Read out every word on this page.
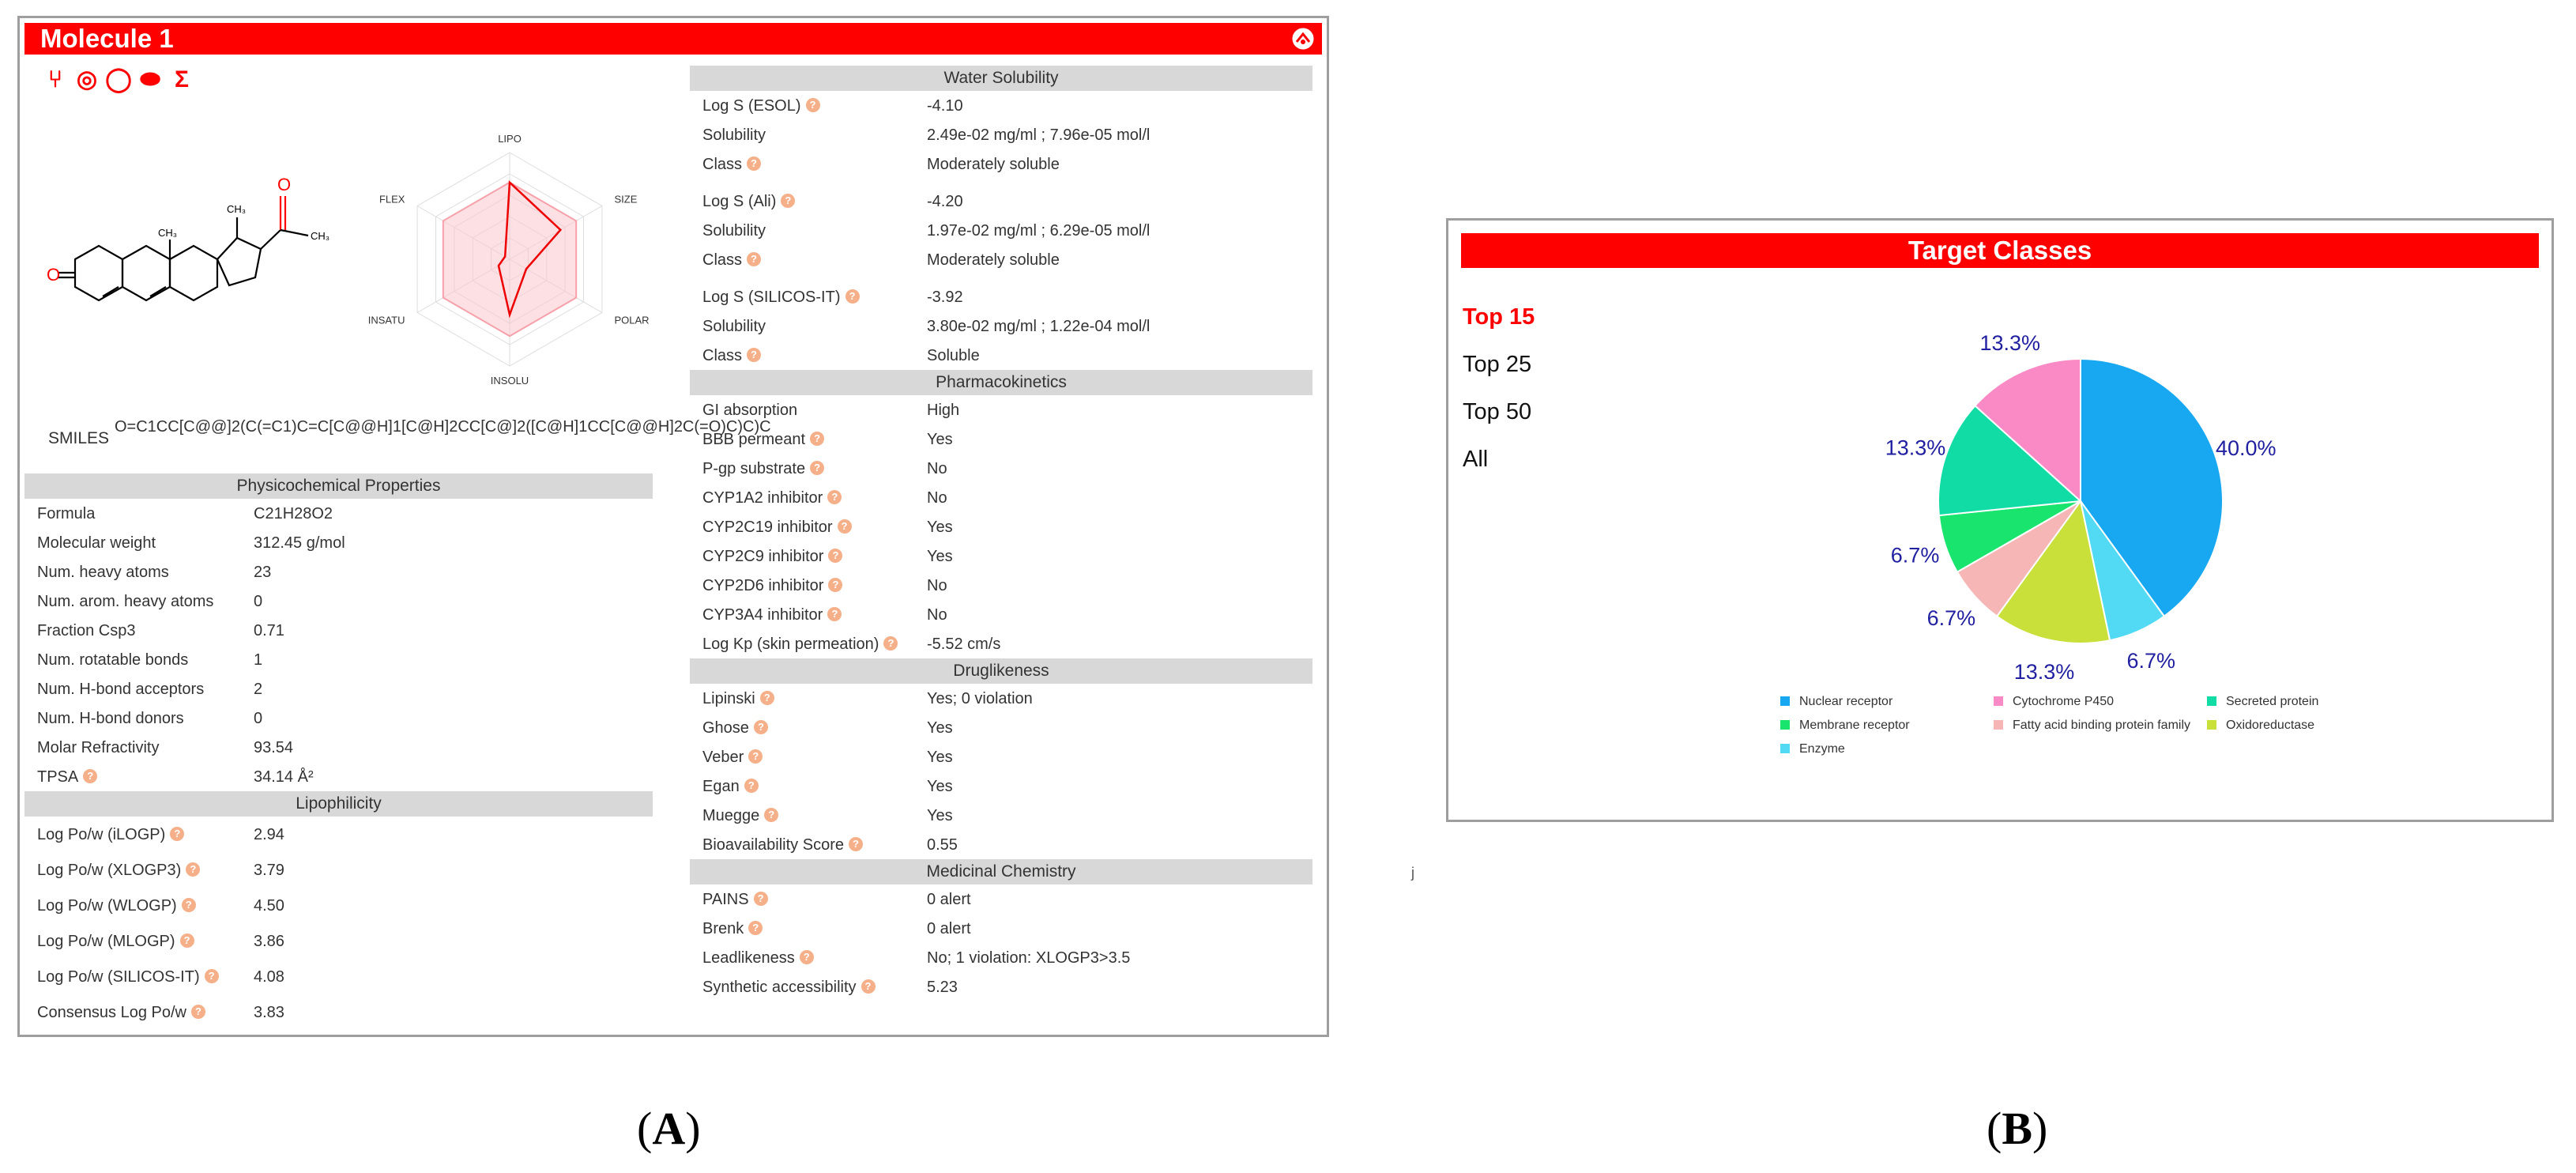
Molecule 1
⑂ ◎ ◯ ⬬ Σ
O
O
CH₃
CH₃
CH₃
LIPO
SIZE
POLAR
INSOLU
INSATU
FLEX
SMILES
O=C1CC[C@@]2(C(=C1)C=C[C@@H]1[C@H]2CC[C@]2([C@H]1CC[C@@H]2C(=O)C)C)C
Physicochemical Properties
Formula	C21H28O2
Molecular weight	312.45 g/mol
Num. heavy atoms	23
Num. arom. heavy atoms	0
Fraction Csp3	0.71
Num. rotatable bonds	1
Num. H-bond acceptors	2
Num. H-bond donors	0
Molar Refractivity	93.54
TPSA ?	34.14 Å²
Lipophilicity
Log Po/w (iLOGP) ?	2.94
Log Po/w (XLOGP3) ?	3.79
Log Po/w (WLOGP) ?	4.50
Log Po/w (MLOGP) ?	3.86
Log Po/w (SILICOS-IT) ? 4.08
Consensus Log Po/w ?	3.83
Water Solubility
Log S (ESOL) ?	-4.10
Solubility	2.49e-02 mg/ml ; 7.96e-05 mol/l
Class ?	Moderately soluble
Log S (Ali) ?	-4.20
Solubility	1.97e-02 mg/ml ; 6.29e-05 mol/l
Class ?	Moderately soluble
Log S (SILICOS-IT) ?	-3.92
Solubility	3.80e-02 mg/ml ; 1.22e-04 mol/l
Class ?	Soluble
Pharmacokinetics
GI absorption	High
BBB permeant ?	Yes
P-gp substrate ?	No
CYP1A2 inhibitor ?	No
CYP2C19 inhibitor ?	Yes
CYP2C9 inhibitor ?	Yes
CYP2D6 inhibitor ?	No
CYP3A4 inhibitor ?	No
Log Kp (skin permeation) ? -5.52 cm/s
Druglikeness
Lipinski ?	Yes; 0 violation
Ghose ?	Yes
Veber ?	Yes
Egan ?	Yes
Muegge ?	Yes
Bioavailability Score ?	0.55
Medicinal Chemistry
PAINS ?	0 alert
Brenk ?	0 alert
Leadlikeness ?	No; 1 violation: XLOGP3>3.5
Synthetic accessibility ?	5.23
j
Target Classes
Top 15
Top 25
Top 50
All	40.0%
6.7%
13.3%
6.7%
6.7%
13.3%
13.3%
Nuclear receptor	Cytochrome P450	Secreted protein
Membrane receptor	Fatty acid binding protein family	Oxidoreductase
Enzyme
(A)	(B)
